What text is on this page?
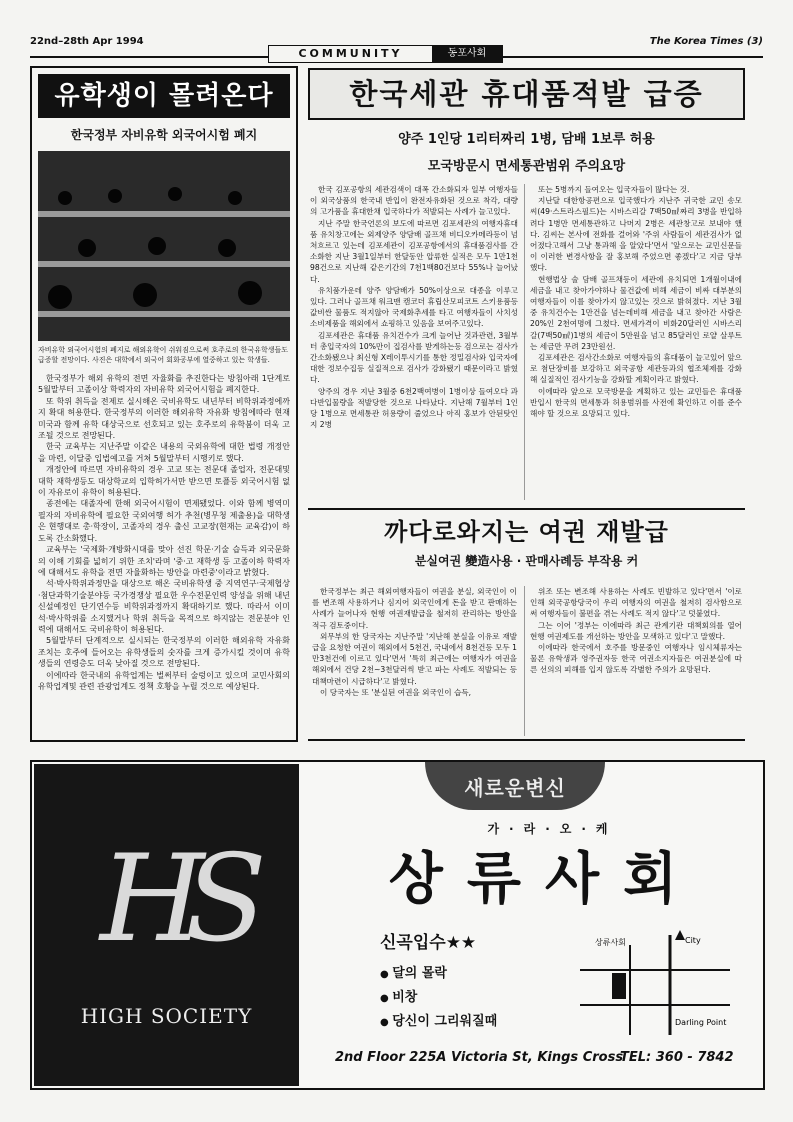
22nd–28th Apr 1994	The Korea Times (3)
COMMUNITY	동포사회
유학생이 몰려온다
한국정부 자비유학 외국어시험 폐지
자비유학 외국어시험의 폐지로 해외유학이 쉬워짐으로써 호주로의 한국유학생들도 급증할 전망이다. 사진은 대학에서 외국어 회화공부에 열중하고 있는 학생들.

한국정부가 해외 유학의 전면 자율화를 추진한다는 방침아래 1단계로 5월말부터 고졸이상 학력자의 자비유학 외국어시험을 폐지한다.

또 학위 취득을 전제로 실시해온 국비유학도 내년부터 비학위과정에까지 확대 허용한다. 한국정부의 이러한 해외유학 자유화 방침에따라 현재 미국과 함께 유학 대상국으로 선호되고 있는 호주로의 유학붐이 더욱 고조될 것으로 전망된다.

한국 교육부는 지난주말 이같은 내용의 국외유학에 대한 법령 개정안을 마련, 이달중 입법예고를 거쳐 5월말부터 시행키로 했다.

개정안에 따르면 자비유학의 경우 고교 또는 전문대 졸업자, 전문대및 대학 재학생등도 대상학교의 입학허가서만 받으면 토플등 외국어시험 없이 자유로이 유학이 허용된다.

종전에는 대졸자에 한해 외국어시험이 면제됐었다. 이와 함께 병역미필자의 자비유학에 필요한 국외여행 허가 추천(병무청 제출용)을 대학생은 현행대로 총·학장이, 고졸자의 경우 출신 고교장(현재는 교육감)이 하도록 간소화했다.

교육부는 '국제화·개방화시대를 맞아 선진 학문·기술 습득과 외국문화의 이해 기회를 넓히기 위한 조치'라며 '중·고 재학생 등 고졸이하 학력자에 대해서도 유학을 전면 자율화하는 방안을 마련중'이라고 밝혔다.

석·박사학위과정만을 대상으로 해온 국비유학생 중 지역연구·국제협상·첨단과학기술분야등 국가경쟁상 필요한 우수전문인력 양성을 위해 내년 신설예정인 단기연수등 비학위과정까지 확대하기로 했다. 따라서 이미 석·박사학위를 소지했거나 학위 취득을 목적으로 하지않는 전문분야 인력에 대해서도 국비유학이 허용된다.

5월말부터 단계적으로 실시되는 한국정부의 이러한 해외유학 자유화 조치는 호주에 들어오는 유학생들의 숫자를 크게 증가시킬 것이며 유학생들의 연령층도 더욱 낮아질 것으로 전망된다.

이에따라 한국내의 유학업계는 벌써부터 술렁이고 있으며 교민사회의 유학업계및 관련 관광업계도 정책 호황을 누릴 것으로 예상된다.

한국세관 휴대품적발 급증
양주 1인당 1리터짜리 1병, 담배 1보루 허용
모국방문시 면세통관범위 주의요망

한국 김포공항의 세관검색이 대폭 간소화되자 일부 여행자들이 외국상품의 한국내 반입이 완전자유화된 것으로 착각, 대량의 고가품을 휴대한채 입국하다가 적발되는 사례가 늘고있다.

지난 주말 한국언론의 보도에 따르면 김포세관의 여행자휴대품 유치창고에는 외제양주 양담배 골프채 비디오카메라등이 넘쳐흐르고 있는데 김포세관이 김포공항에서의 휴대품검사를 간소화한 지난 3월1일부터 한달동안 압류한 실적은 모두 1만1천98건으로 지난해 같은기간의 7천1백80건보다 55%나 늘어났다.

유치품가운데 양주 양담배가 50%이상으로 대종을 이루고 있다. 그러나 골프채 워크맨 캠코더 휴립산모피코트 스키용품등 값비싼 물품도 적지않아 국제화추세를 타고 여행자들이 사치성 소비제품을 해외에서 쇼핑하고 있음을 보여주고있다.

김포세관은 휴대품 유치건수가 크게 늘어난 것과관련, 3월부터 총입국자의 10%만이 집검사를 받게하는등 검으로는 검사가 간소화됐으나 최신형 X레이투시기를 통한 정밀검사와 입국자에대한 정보수집등 실질적으로 검사가 강화됐기 때문이라고 밝혔다.

양주의 경우 지난 3월중 6천2백여병이 1병이상 들여오다 과다반입물량을 적발당한 것으로 나타났다. 지난해 7월부터 1인당 1병으로 면세통관 허용량이 줄었으나 아직 홍보가 안된탓인지 2병

또는 5병까지 들여오는 입국자들이 많다는 것.

지난달 대한항공편으로 입국했다가 지난주 귀국한 교민 송모씨(49·스트라스필드)는 시바스리갈 7백50㎖짜리 3병을 반입하려다 1병만 면세통관하고 나머지 2병은 세관창고로 보내야 했다. 김씨는 본사에 전화를 걸어와 '주위 사람들이 세관검사가 없어졌다고해서 그냥 통과해 을 알았다'면서 '앞으로는 교민신문들이 이러한 변경사항을 잘 홍보해 주었으면 좋겠다'고 지금 당부했다.

현행법상 술 담배 골프채등이 세관에 유치되면 1개월이내에 세금을 내고 찾아가야하나 물건값에 비해 세금이 비싸 대부분의 여행자들이 이를 찾아가지 않고있는 것으로 밝혀졌다. 지난 3월중 유치건수는 1만건을 넘는데비해 세금을 내고 찾아간 사람은 20%인 2천여명에 그쳤다. 면세가격이 비화20달러인 시바스리갈(7백50㎖)1병의 세금이 5만원을 넘고 85달러인 로얄 살루트는 세금만 무려 23만원선.

김포세관은 검사간소화로 여행자들의 휴대품이 늘고있어 앞으로 첨단장비를 보강하고 외국공항 세관등과의 협조체제를 강화해 실질적인 검사기능을 강화할 계획이라고 밝혔다.

이에따라 앞으로 모국방문을 계획하고 있는 교민들은 휴대품 반입시 한국의 면세통과 허용범위를 사전에 확인하고 이를 준수해야 할 것으로 요망되고 있다.

까다로와지는 여권 재발급
분실여권 變造사용 · 판매사례등 부작용 커

한국정부는 최근 해외여행자들이 여권을 분실, 외국인이 이를 변조해 사용하거나 심지어 외국인에게 돈을 받고 판매하는 사례가 늘어나자 현행 여권재발급을 철저히 관리하는 방안을 적극 검토중이다.

외무부의 한 당국자는 지난주말 '지난해 분실을 이유로 재발급을 요청한 여권이 해외에서 5천건, 국내에서 8천건등 모두 1만3천건에 이르고 있다'면서 '특히 최근에는 여행자가 여권을 해외에서 건당 2천~3천달러씩 받고 파는 사례도 적발되는 등 대책마련이 시급하다'고 밝혔다.

이 당국자는 또 '분실된 여권을 외국인이 습득,

위조 또는 변조해 사용하는 사례도 빈발하고 있다'면서 '이로 인해 외국공항당국이 우리 여행자의 여권을 철저히 검사함으로써 여행자들이 불편을 겪는 사례도 적지 않다'고 덧붙였다.

그는 이어 '정부는 이에따라 최근 관계기관 대책회의를 열어 현행 여권제도를 개선하는 방안을 모색하고 있다'고 말했다.

이에따라 한국에서 호주를 방문중인 여행자나 임시체류자는 물론 유학생과 영주권자등 한국 여권소지자들은 여권분실에 따른 선의의 피해를 입지 않도록 각별한 주의가 요망된다.

HS
HIGH SOCIETY
새로운변신
가·라·오·케
상류사회
신곡입수★★
● 달의 몰락
● 비창
● 당신이 그리워질때
상류사회	City
Darling Point
2nd Floor 225A Victoria St, Kings Cross
TEL: 360 - 7842
